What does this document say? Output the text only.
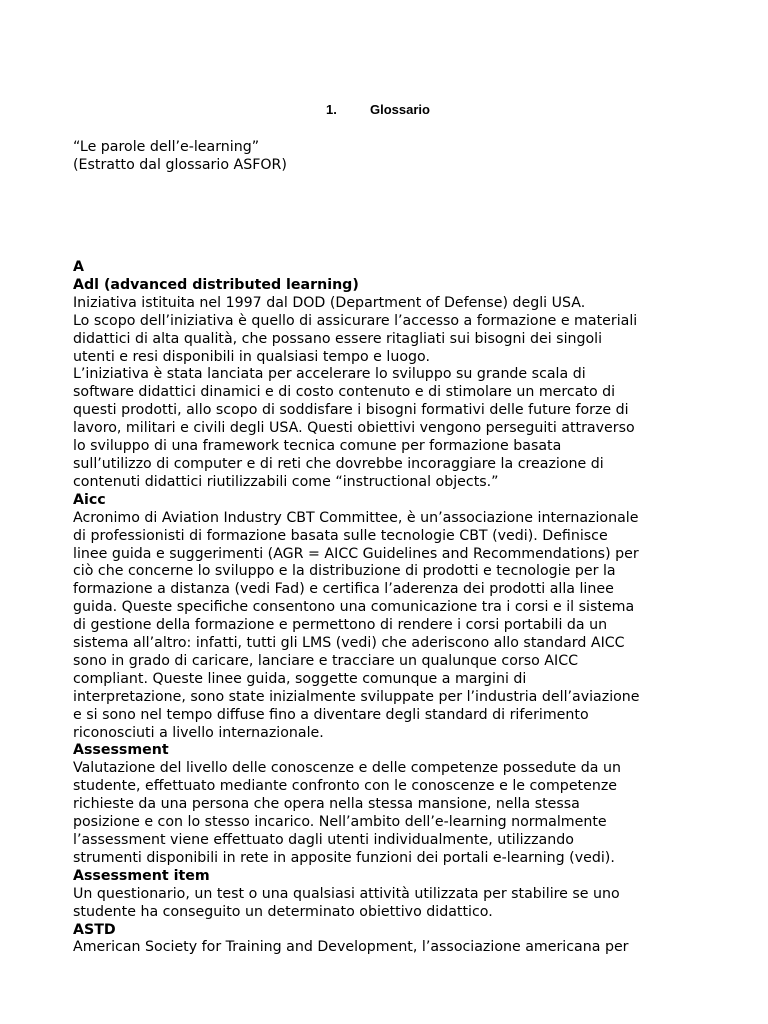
1.	Glossario
“Le parole dell’e-learning”
(Estratto dal glossario ASFOR)
A
Adl (advanced distributed learning)
Iniziativa istituita nel 1997 dal DOD (Department of Defense) degli USA.
Lo scopo dell’iniziativa è quello di assicurare l’accesso a formazione e materiali
didattici di alta qualità, che possano essere ritagliati sui bisogni dei singoli
utenti e resi disponibili in qualsiasi tempo e luogo.
L’iniziativa è stata lanciata per accelerare lo sviluppo su grande scala di
software didattici dinamici e di costo contenuto e di stimolare un mercato di
questi prodotti, allo scopo di soddisfare i bisogni formativi delle future forze di
lavoro, militari e civili degli USA. Questi obiettivi vengono perseguiti attraverso
lo sviluppo di una framework tecnica comune per formazione basata
sull’utilizzo di computer e di reti che dovrebbe incoraggiare la creazione di
contenuti didattici riutilizzabili come “instructional objects.”
Aicc
Acronimo di Aviation Industry CBT Committee, è un’associazione internazionale
di professionisti di formazione basata sulle tecnologie CBT (vedi). Definisce
linee guida e suggerimenti (AGR = AICC Guidelines and Recommendations) per
ciò che concerne lo sviluppo e la distribuzione di prodotti e tecnologie per la
formazione a distanza (vedi Fad) e certifica l’aderenza dei prodotti alla linee
guida. Queste specifiche consentono una comunicazione tra i corsi e il sistema
di gestione della formazione e permettono di rendere i corsi portabili da un
sistema all’altro: infatti, tutti gli LMS (vedi) che aderiscono allo standard AICC
sono in grado di caricare, lanciare e tracciare un qualunque corso AICC
compliant. Queste linee guida, soggette comunque a margini di
interpretazione, sono state inizialmente sviluppate per l’industria dell’aviazione
e si sono nel tempo diffuse fino a diventare degli standard di riferimento
riconosciuti a livello internazionale.
Assessment
Valutazione del livello delle conoscenze e delle competenze possedute da un
studente, effettuato mediante confronto con le conoscenze e le competenze
richieste da una persona che opera nella stessa mansione, nella stessa
posizione e con lo stesso incarico. Nell’ambito dell’e-learning normalmente
l’assessment viene effettuato dagli utenti individualmente, utilizzando
strumenti disponibili in rete in apposite funzioni dei portali e-learning (vedi).
Assessment item
Un questionario, un test o una qualsiasi attività utilizzata per stabilire se uno
studente ha conseguito un determinato obiettivo didattico.
ASTD
American Society for Training and Development, l’associazione americana per
